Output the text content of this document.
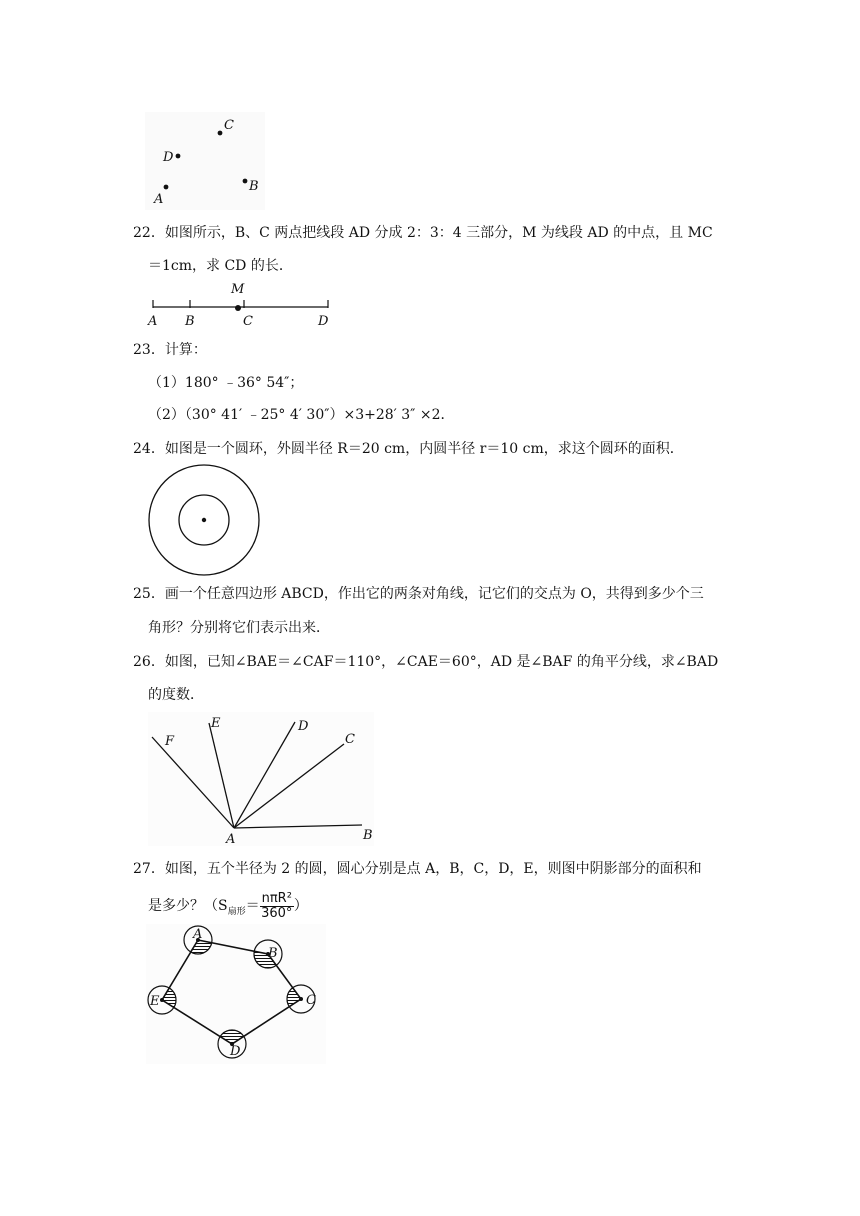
C
D
A
B
22．如图所示，B、C 两点把线段 AD 分成 2：3：4 三部分，M 为线段 AD 的中点，且 MC
＝1cm，求 CD 的长．
M
A B	C	D
23．计算：
（1）180° ﹣36° 54″；
（2）（30° 41′ ﹣25° 4′ 30″）×3+28′ 3″ ×2．
24．如图是一个圆环，外圆半径 R＝20 cm，内圆半径 r＝10 cm，求这个圆环的面积．
25．画一个任意四边形 ABCD，作出它的两条对角线，记它们的交点为 O，共得到多少个三
角形？分别将它们表示出来．
26．如图，已知∠BAE＝∠CAF＝110°，∠CAE＝60°，AD 是∠BAF 的角平分线，求∠BAD
的度数．
F
E	D
C
A	B
27．如图，五个半径为 2 的圆，圆心分别是点 A，B，C，D，E，则图中阴影部分的面积和
是多少？（$S_{扇形}= \frac{\text{nπR²}}{360^\circ}$ ）
A
B
C
D
E
